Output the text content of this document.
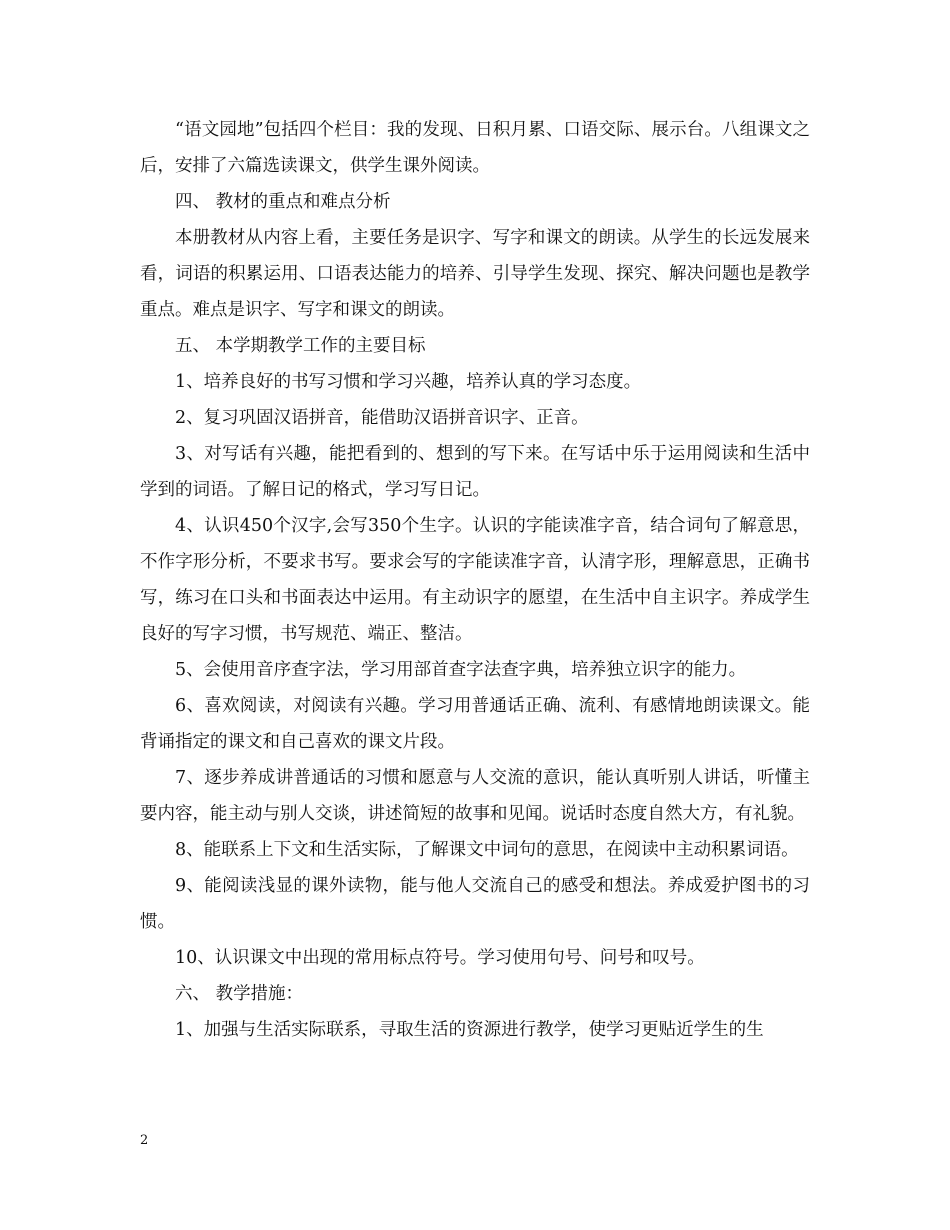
“语文园地”包括四个栏目：我的发现、日积月累、口语交际、展示台。八组课文之后，安排了六篇选读课文，供学生课外阅读。

四、 教材的重点和难点分析

本册教材从内容上看，主要任务是识字、写字和课文的朗读。从学生的长远发展来看，词语的积累运用、口语表达能力的培养、引导学生发现、探究、解决问题也是教学重点。难点是识字、写字和课文的朗读。

五、 本学期教学工作的主要目标

1、培养良好的书写习惯和学习兴趣，培养认真的学习态度。

2、复习巩固汉语拼音，能借助汉语拼音识字、正音。

3、对写话有兴趣，能把看到的、想到的写下来。在写话中乐于运用阅读和生活中学到的词语。了解日记的格式，学习写日记。

4、认识450个汉字,会写350个生字。认识的字能读准字音，结合词句了解意思，不作字形分析，不要求书写。要求会写的字能读准字音，认清字形，理解意思，正确书写，练习在口头和书面表达中运用。有主动识字的愿望，在生活中自主识字。养成学生良好的写字习惯，书写规范、端正、整洁。

5、会使用音序查字法，学习用部首查字法查字典，培养独立识字的能力。

6、喜欢阅读，对阅读有兴趣。学习用普通话正确、流利、有感情地朗读课文。能背诵指定的课文和自己喜欢的课文片段。

7、逐步养成讲普通话的习惯和愿意与人交流的意识，能认真听别人讲话，听懂主要内容，能主动与别人交谈，讲述简短的故事和见闻。说话时态度自然大方，有礼貌。

8、能联系上下文和生活实际，了解课文中词句的意思，在阅读中主动积累词语。

9、能阅读浅显的课外读物，能与他人交流自己的感受和想法。养成爱护图书的习惯。

10、认识课文中出现的常用标点符号。学习使用句号、问号和叹号。

六、 教学措施：

1、加强与生活实际联系，寻取生活的资源进行教学，使学习更贴近学生的生

2
